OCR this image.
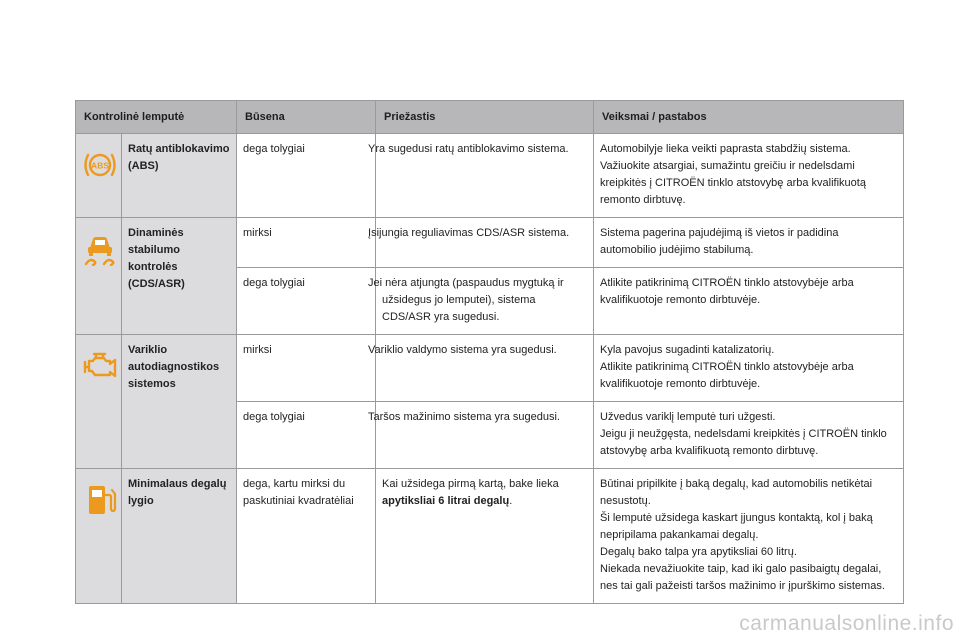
Kontrolinė lemputė		Būsena	Priežastis	Veiksmai / pastabos

ABS	Ratų antiblokavimo (ABS)	dega tolygiai	Yra sugedusi ratų antiblokavimo sistema.	Automobilyje lieka veikti paprasta stabdžių sistema.
Važiuokite atsargiai, sumažintu greičiu ir nedelsdami kreipkitės į CITROËN tinklo atstovybę arba kvalifikuotą remonto dirbtuvę.

	Dinaminės stabilumo kontrolės (CDS/ASR)	mirksi	Įsijungia reguliavimas CDS/ASR sistema.	Sistema pagerina pajudėjimą iš vietos ir padidina automobilio judėjimo stabilumą.

		dega tolygiai	Jei nėra atjungta (paspaudus mygtuką ir užsidegus jo lemputei), sistema CDS/ASR yra sugedusi.	Atlikite patikrinimą CITROËN tinklo atstovybėje arba kvalifikuotoje remonto dirbtuvėje.

	Variklio autodiagnostikos sistemos	mirksi	Variklio valdymo sistema yra sugedusi.	Kyla pavojus sugadinti katalizatorių.
Atlikite patikrinimą CITROËN tinklo atstovybėje arba kvalifikuotoje remonto dirbtuvėje.

		dega tolygiai	Taršos mažinimo sistema yra sugedusi.	Užvedus variklį lemputė turi užgesti.
Jeigu ji neužgęsta, nedelsdami kreipkitės į CITROËN tinklo atstovybę arba kvalifikuotą remonto dirbtuvę.

	Minimalaus degalų lygio	dega, kartu mirksi du paskutiniai kvadratėliai	Kai užsidega pirmą kartą, bake lieka apytiksliai 6 litrai degalų.	Būtinai pripilkite į baką degalų, kad automobilis netikėtai nesustotų.
Ši lemputė užsidega kaskart įjungus kontaktą, kol į baką nepripilama pakankamai degalų.
Degalų bako talpa yra apytiksliai 60 litrų.
Niekada nevažiuokite taip, kad iki galo pasibaigtų degalai, nes tai gali pažeisti taršos mažinimo ir įpurškimo sistemas.
carmanualsonline.info
